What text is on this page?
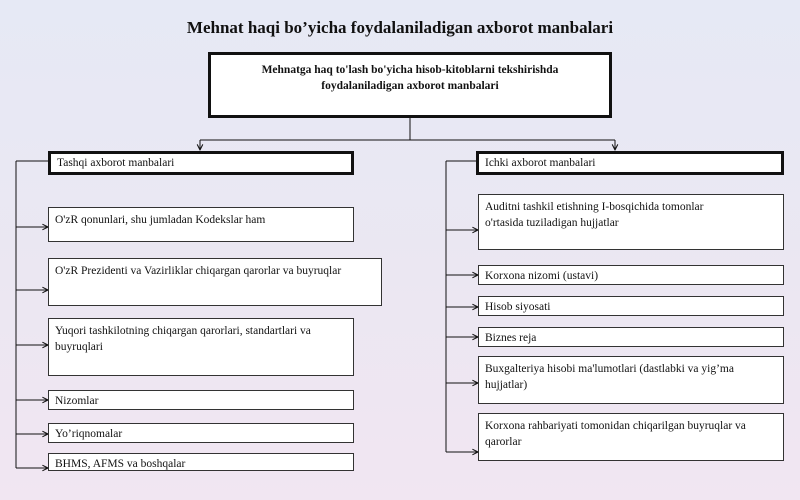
Mehnat haqi bo’yicha foydalaniladigan axborot manbalari
Mehnatga haq to'lash bo'yicha hisob-kitoblarni tekshirishda
foydalaniladigan axborot manbalari
Tashqi axborot manbalari	Ichki axborot manbalari
O'zR qonunlari, shu jumladan Kodekslar ham
O'zR Prezidenti va Vazirliklar chiqargan qarorlar va buyruqlar
Yuqori tashkilotning chiqargan qarorlari, standartlari va
buyruqlari
Nizomlar
Yo’riqnomalar
BHMS, AFMS va boshqalar
Auditni tashkil etishning I-bosqichida tomonlar
o'rtasida tuziladigan hujjatlar
Korxona nizomi (ustavi)
Hisob siyosati
Biznes reja
Buxgalteriya hisobi ma'lumotlari (dastlabki va yig’ma
hujjatlar)
Korxona rahbariyati tomonidan chiqarilgan buyruqlar va
qarorlar
